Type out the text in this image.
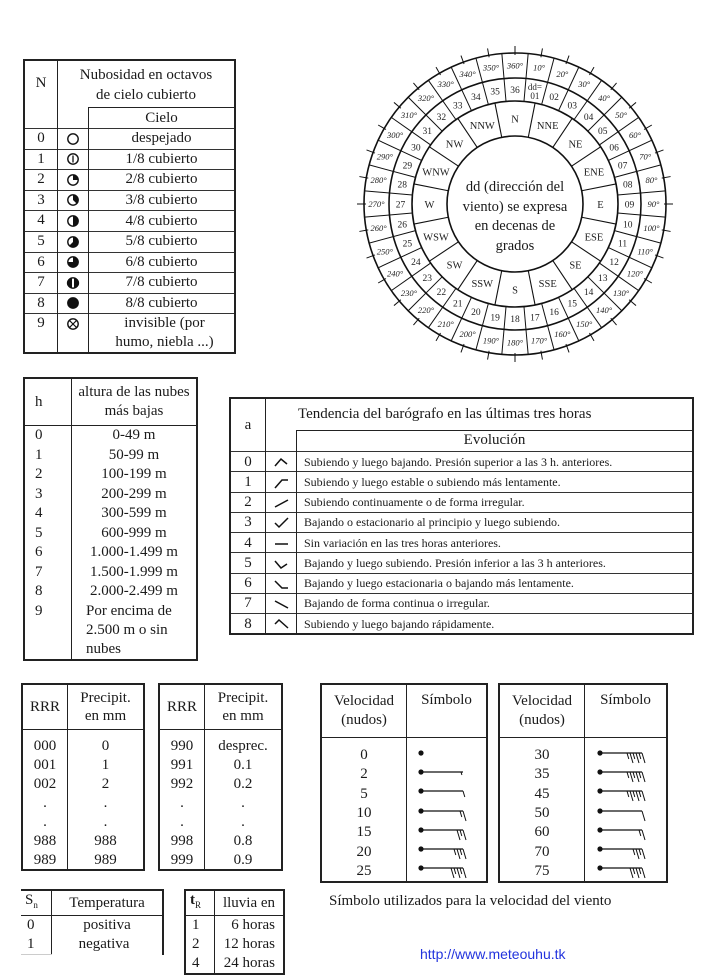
N	Nubosidad en octavos
de cielo cubierto	

		Cielo
0		despejado
1		1/8 cubierto
2		2/8 cubierto
3		3/8 cubierto
4		4/8 cubierto
5		5/8 cubierto
6		6/8 cubierto
7		7/8 cubierto
8		8/8 cubierto
9		invisible (por
humo, niebla ...)
N
NNE
NE
ENE
E
ESE
SE
SSE
S
SSW
SW
WSW
W
WNW
NW
NNW
dd=
01
10°
02
20°
03
30°
04
40°
05
50°
06
60°
07
70°
08
80°
09 90°
10 100°
11
110°
12
120°
13
130°
14
140°
15
150°
16
160°
17
170°
18
180°
19
190°
20
200°
21
210°
22
220°
23
230°
24
240°
25
250°
26
260°
27
270°
28
280°
29
290°
30
300° 31
310° 32
320°
33
330°
34
340°
35
350°
36
360°
dd (dirección del
viento) se expresa
en decenas de
grados
h	altura de las nubes
más bajas

0	0-49 m
1	50-99 m
2	100-199 m
3	200-299 m
4	300-599 m
5	600-999 m
6	1.000-1.499 m
7	1.500-1.999 m
8	2.000-2.499 m
9	Por encima de
2.500 m o sin
nubes
a	Tendencia del barógrafo en las últimas tres horas	
		Evolución
0		Subiendo y luego bajando. Presión superior a las 3 h. anteriores.
1		Subiendo y luego estable o subiendo más lentamente.
2		Subiendo continuamente o de forma irregular.
3		Bajando o estacionario al principio y luego subiendo.
4		Sin variación en las tres horas anteriores.
5		Bajando y luego subiendo. Presión inferior a las 3 h anteriores.
6		Bajando y luego estacionaria o bajando más lentamente.
7		Bajando de forma continua o irregular.
8		Subiendo y luego bajando rápidamente.
RRR	Precipit.
en mm

000	0
001	1
002	2
.	.
.	.
988	988
989	989
RRR	Precipit.
en mm

990	desprec.
991	0.1
992	0.2
.	.
.	.
998	0.8
999	0.9
Velocidad
(nudos)	Símbolo

0	
2	
5	
10	
15	
20	
25	
Velocidad
(nudos)	Símbolo

30	
35	
45	
50	
60	
70	
75	
$S_n$	Temperatura
0	positiva
1	negativa
$t_R$	lluvia en
1	6 horas
2	12 horas
4	24 horas
Símbolo utilizados para la velocidad del viento
http://www.meteouhu.tk
